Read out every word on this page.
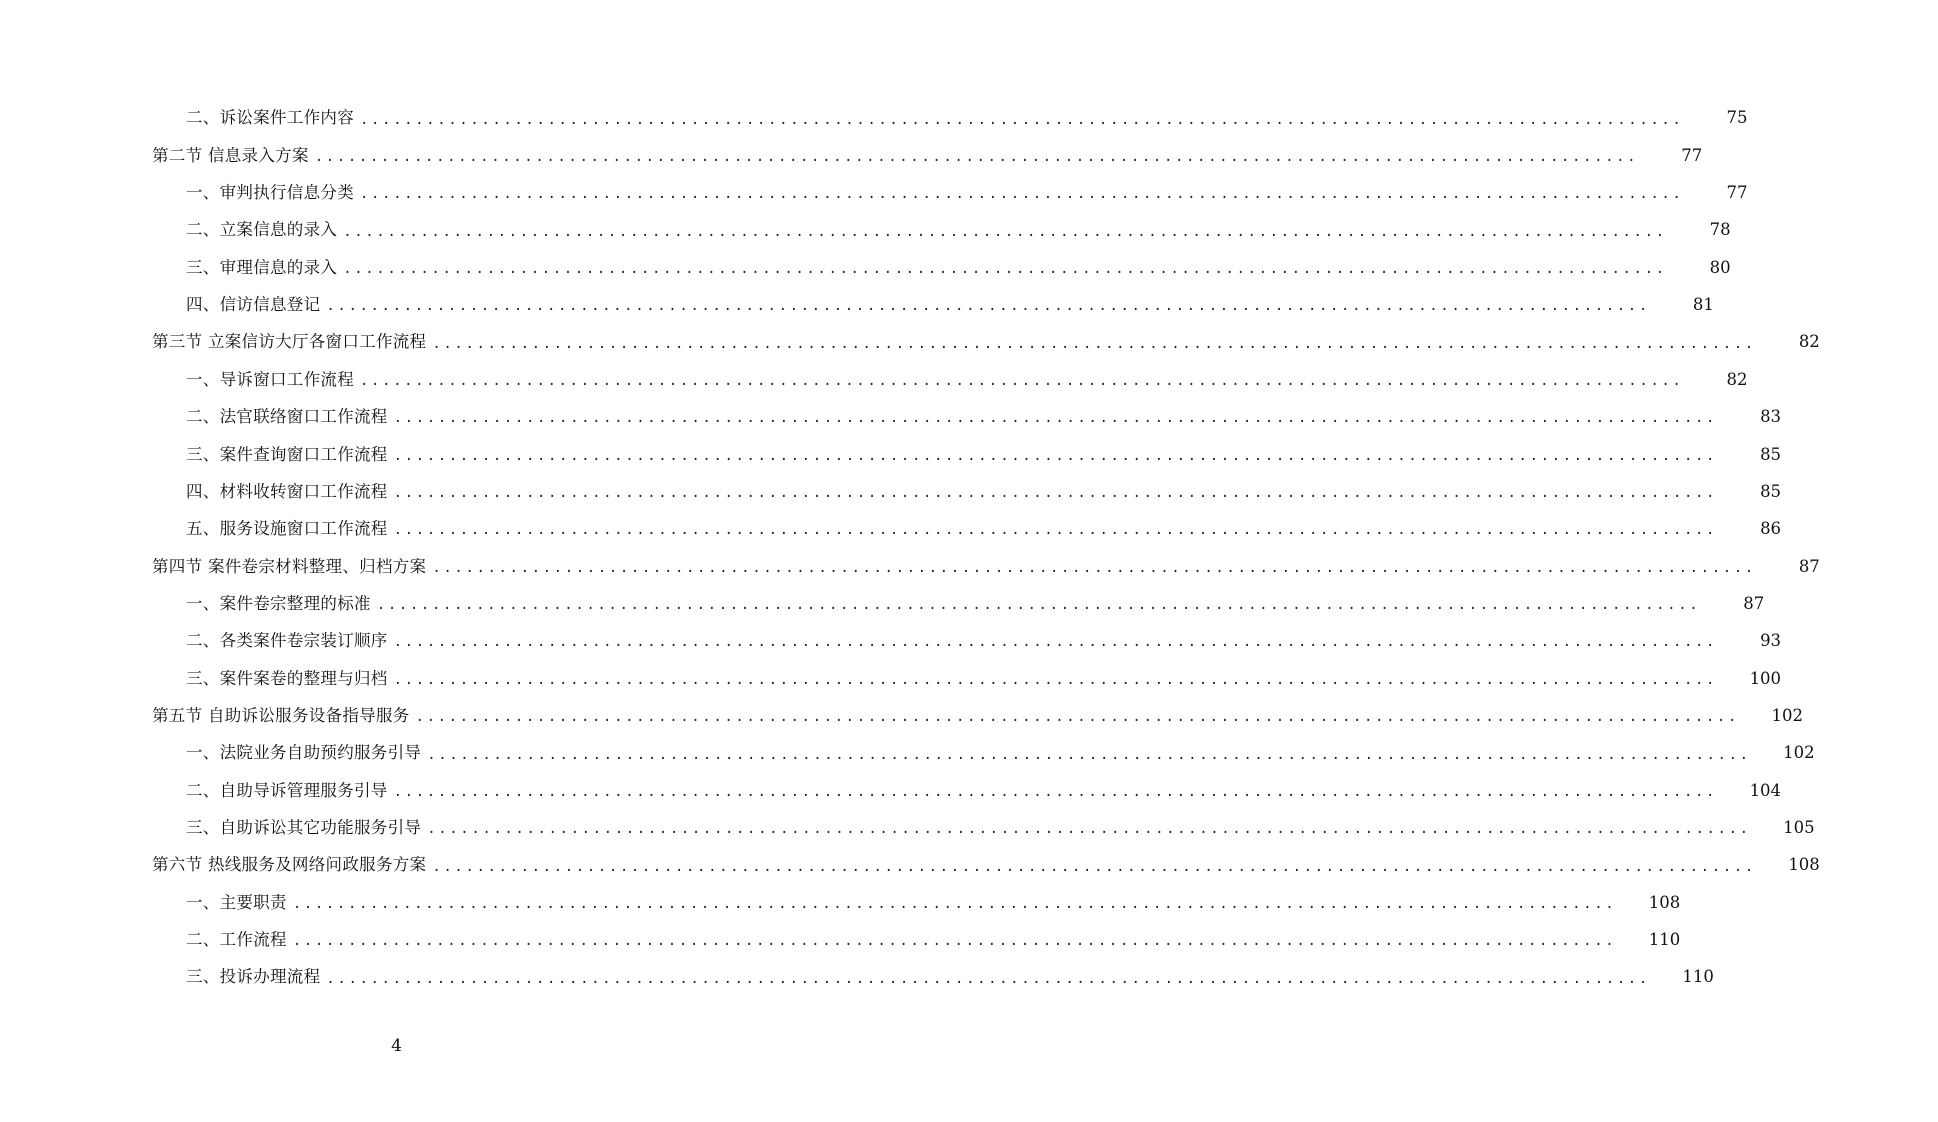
二、诉讼案件工作内容 ........................................................................................................................	75
第二节 信息录入方案 ........................................................................................................................	77
一、审判执行信息分类 ........................................................................................................................	77
二、立案信息的录入 ........................................................................................................................	78
三、审理信息的录入 ........................................................................................................................	80
四、信访信息登记 ........................................................................................................................	81
第三节 立案信访大厅各窗口工作流程 ........................................................................................................................	82
一、导诉窗口工作流程 ........................................................................................................................	82
二、法官联络窗口工作流程 ........................................................................................................................	83
三、案件查询窗口工作流程 ........................................................................................................................	85
四、材料收转窗口工作流程 ........................................................................................................................	85
五、服务设施窗口工作流程 ........................................................................................................................	86
第四节 案件卷宗材料整理、归档方案 ........................................................................................................................	87
一、案件卷宗整理的标准 ........................................................................................................................	87
二、各类案件卷宗装订顺序 ........................................................................................................................	93
三、案件案卷的整理与归档 ........................................................................................................................	100
第五节 自助诉讼服务设备指导服务 ........................................................................................................................	102
一、法院业务自助预约服务引导 ........................................................................................................................	102
二、自助导诉管理服务引导 ........................................................................................................................	104
三、自助诉讼其它功能服务引导 ........................................................................................................................	105
第六节 热线服务及网络问政服务方案 ........................................................................................................................	108
一、主要职责 ........................................................................................................................	108
二、工作流程 ........................................................................................................................	110
三、投诉办理流程 ........................................................................................................................	110
4
